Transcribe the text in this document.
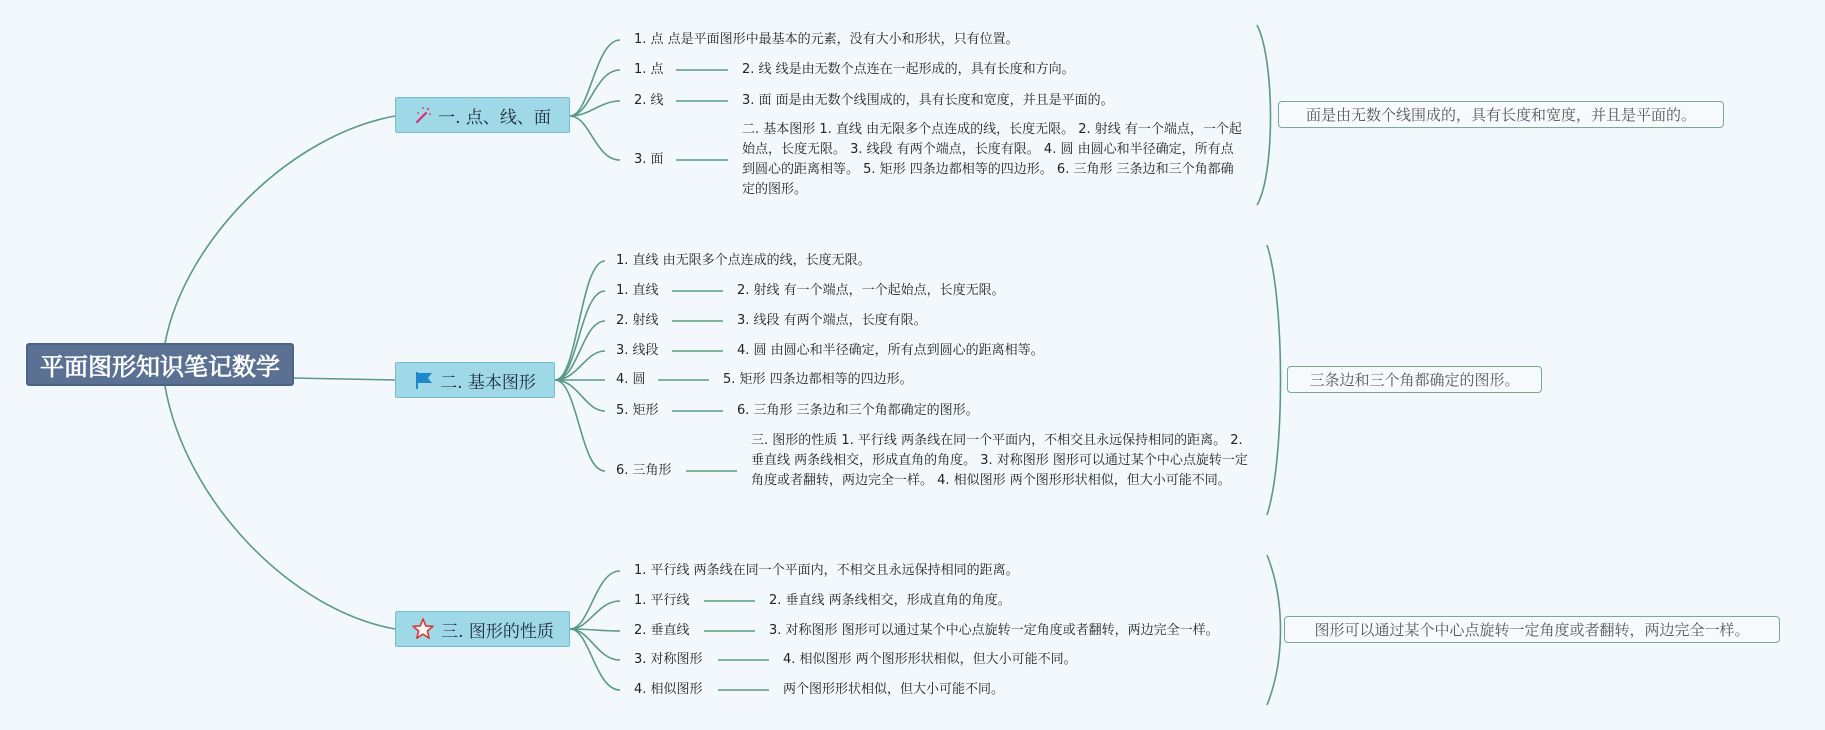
平面图形知识笔记数学
一. 点、线、面
1. 点 点是平面图形中最基本的元素，没有大小和形状，只有位置。
1. 点
2. 线
3. 面
2. 线 线是由无数个点连在一起形成的，具有长度和方向。
3. 面 面是由无数个线围成的，具有长度和宽度，并且是平面的。
二. 基本图形 1. 直线 由无限多个点连成的线，长度无限。 2. 射线 有一个端点，一个起始点，长度无限。 3. 线段 有两个端点，长度有限。 4. 圆 由圆心和半径确定，所有点到圆心的距离相等。 5. 矩形 四条边都相等的四边形。 6. 三角形 三条边和三个角都确定的图形。
面是由无数个线围成的，具有长度和宽度，并且是平面的。
二. 基本图形
1. 直线 由无限多个点连成的线，长度无限。
1. 直线
2. 射线
3. 线段
4. 圆
5. 矩形
6. 三角形
2. 射线 有一个端点，一个起始点，长度无限。
3. 线段 有两个端点，长度有限。
4. 圆 由圆心和半径确定，所有点到圆心的距离相等。
5. 矩形 四条边都相等的四边形。
6. 三角形 三条边和三个角都确定的图形。
三. 图形的性质 1. 平行线 两条线在同一个平面内，不相交且永远保持相同的距离。 2. 垂直线 两条线相交，形成直角的角度。 3. 对称图形 图形可以通过某个中心点旋转一定角度或者翻转，两边完全一样。 4. 相似图形 两个图形形状相似，但大小可能不同。
三条边和三个角都确定的图形。
三. 图形的性质
1. 平行线 两条线在同一个平面内，不相交且永远保持相同的距离。
1. 平行线
2. 垂直线
3. 对称图形
4. 相似图形
2. 垂直线 两条线相交，形成直角的角度。
3. 对称图形 图形可以通过某个中心点旋转一定角度或者翻转，两边完全一样。
4. 相似图形 两个图形形状相似，但大小可能不同。
两个图形形状相似，但大小可能不同。
图形可以通过某个中心点旋转一定角度或者翻转，两边完全一样。
